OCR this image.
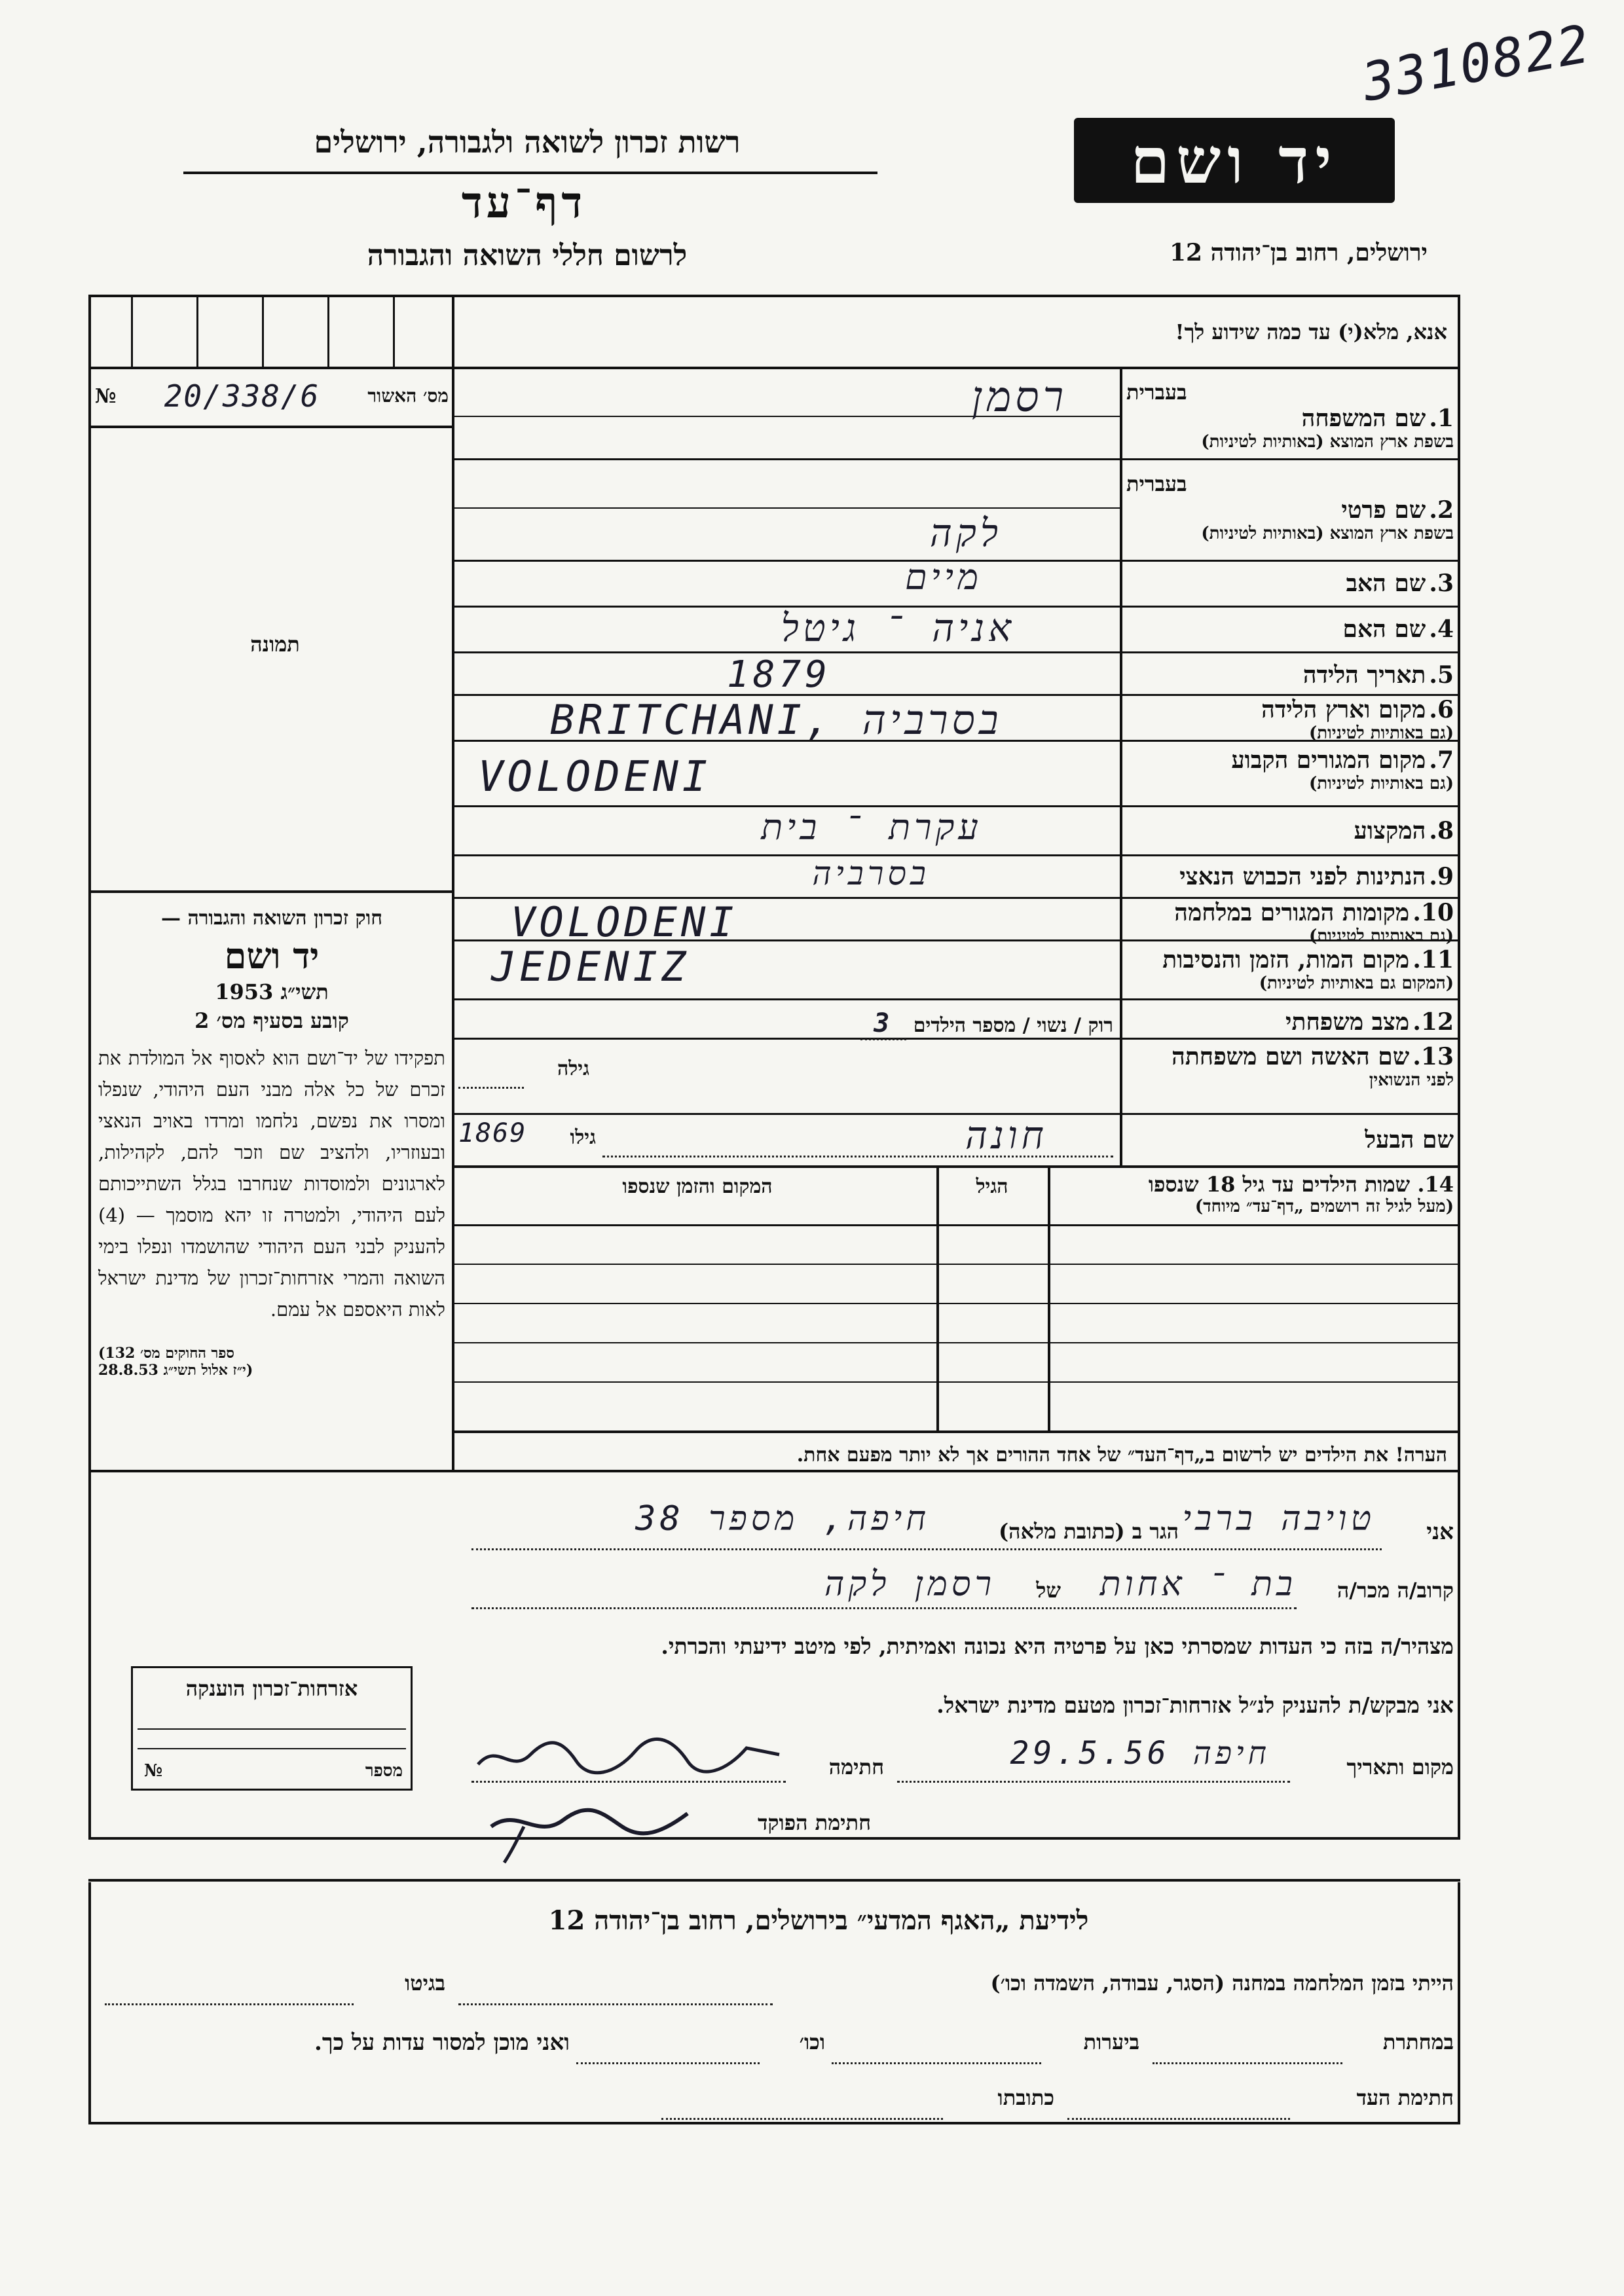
3310822
רשות זכרון לשואה ולגבורה, ירושלים
דף־עד
לרשום חללי השואה והגבורה
יד ושם
ירושלים, רחוב בן־יהודה 12
№ 20/338/6	מס׳ האשור
תמונה
חוק זכרון השואה והגבורה —
יד ושם
תשי״ג 1953
קובע בסעיף מס׳ 2
תפקידו של יד־ושם הוא לאסוף אל המולדת את זכרם של כל אלה מבני העם היהודי, שנפלו ומסרו את נפשם, נלחמו ומרדו באויב הנאצי ובעוזריו, ולהציב שם וזכר להם, לקהילות, לארגונים ולמוסדות שנחרבו בגלל השתייכותם לעם היהודי, ולמטרה זו יהא מוסמך — (4) להעניק לבני העם היהודי שהושמדו ונפלו בימי השואה והמרי אזרחות־זכרון של מדינת ישראל לאות היאספם אל עמם.
(ספר החוקים מס׳ 132
י״ז אלול תשי״ג 28.8.53)
אנא, מלא(י) עד כמה שידוע לך!
בעברית
1. שם המשפחה
בשפת ארץ המוצא (באותיות לטיניות)
בעברית
2. שם פרטי
בשפת ארץ המוצא (באותיות לטיניות)
3. שם האב
4. שם האם
5. תאריך הלידה
6. מקום וארץ הלידה
(גם באותיות לטיניות)
7. מקום המגורים הקבוע
(גם באותיות לטיניות)
8. המקצוע
9. הנתינות לפני הכבוש הנאצי
10. מקומות המגורים במלחמה
(גם באותיות לטיניות)
11. מקום המות, הזמן והנסיבות
(המקום גם באותיות לטיניות)
12. מצב משפחתי
13. שם האשה ושם משפחתה
לפני הנשואין
שם הבעל
רסמן
לקה
מיים
אניה ־ גיטל
1879
BRITCHANI, בסרביה
VOLODENI
עקרת ־ בית
בסרביה
VOLODENI
JEDENIZ
רוק / נשוי / מספר הילדים 3
גילה
חונה
גילו
1869
14. שמות הילדים עד גיל 18 שנספו
(מעל לגיל זה רושמים „דף־עד״ מיוחד)
הגיל
המקום והזמן שנספו
הערה! את הילדים יש לרשום ב„דף־העד״ של אחד ההורים אך לא יותר מפעם אחת.
אני
טויבה ברבי
הגר ב (כתובת מלאה)
חיפה, מספר 38
קרוב/ה מכר/ה
בת ־ אחות
של
רסמן לקה
מצהיר/ה בזה כי העדות שמסרתי כאן על פרטיה היא נכונה ואמיתית, לפי מיטב ידיעתי והכרתי.
אני מבקש/ת להעניק לנ״ל אזרחות־זכרון מטעם מדינת ישראל.
מקום ותאריך
חיפה 29.5.56
חתימה
חתימת הפוקד
אזרחות־זכרון הוענקה
№	מספר
לידיעת „האגף המדעי״ בירושלים, רחוב בן־יהודה 12
הייתי בזמן המלחמה במחנה (הסגר, עבודה, השמדה וכו׳)
בגיטו
במחתרת
ביערות
וכו׳
ואני מוכן למסור עדות על כך.
חתימת העד
כתובתו
